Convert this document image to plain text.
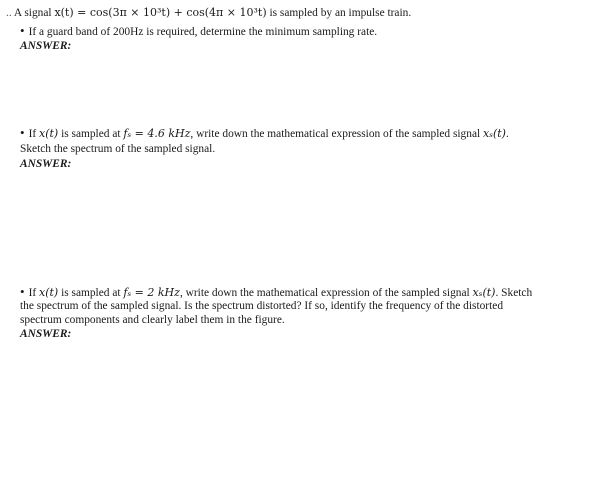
.. A signal x(t) = cos(3π × 10³t) + cos(4π × 10³t) is sampled by an impulse train.
• If a guard band of 200Hz is required, determine the minimum sampling rate.
ANSWER:
• If x(t) is sampled at fₛ = 4.6 kHz, write down the mathematical expression of the sampled signal xₛ(t).
Sketch the spectrum of the sampled signal.
ANSWER:
• If x(t) is sampled at fₛ = 2 kHz, write down the mathematical expression of the sampled signal xₛ(t). Sketch
the spectrum of the sampled signal. Is the spectrum distorted? If so, identify the frequency of the distorted
spectrum components and clearly label them in the figure.
ANSWER:
